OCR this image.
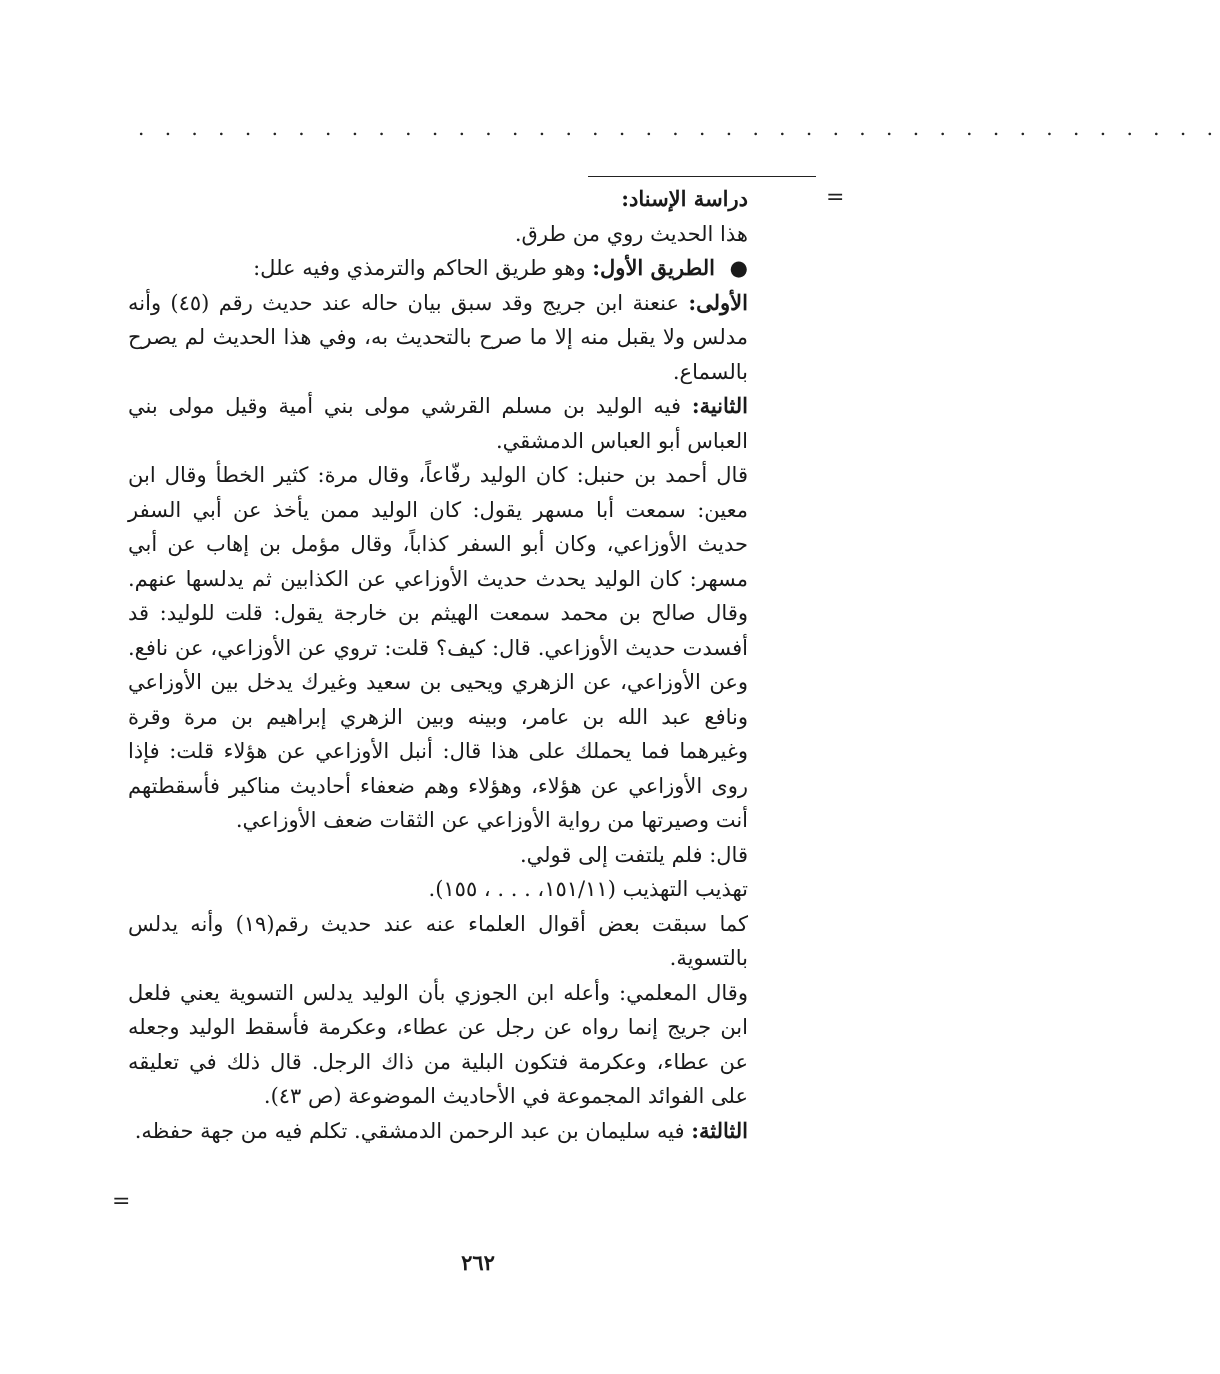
. . . . . . . . . . . . . . . . . . . . . . . . . . . . . . . . . . . . . . . . .
=
=

دراسة الإسناد:

هذا الحديث روي من طرق.

● الطريق الأول: وهو طريق الحاكم والترمذي وفيه علل:

الأولى: عنعنة ابن جريج وقد سبق بيان حاله عند حديث رقم (٤٥) وأنه مدلس ولا يقبل منه إلا ما صرح بالتحديث به، وفي هذا الحديث لم يصرح بالسماع.

الثانية: فيه الوليد بن مسلم القرشي مولى بني أمية وقيل مولى بني العباس أبو العباس الدمشقي.

قال أحمد بن حنبل: كان الوليد رفّاعاً، وقال مرة: كثير الخطأ وقال ابن معين: سمعت أبا مسهر يقول: كان الوليد ممن يأخذ عن أبي السفر حديث الأوزاعي، وكان أبو السفر كذاباً، وقال مؤمل بن إهاب عن أبي مسهر: كان الوليد يحدث حديث الأوزاعي عن الكذابين ثم يدلسها عنهم. وقال صالح بن محمد سمعت الهيثم بن خارجة يقول: قلت للوليد: قد أفسدت حديث الأوزاعي. قال: كيف؟ قلت: تروي عن الأوزاعي، عن نافع. وعن الأوزاعي، عن الزهري ويحيى بن سعيد وغيرك يدخل بين الأوزاعي ونافع عبد الله بن عامر، وبينه وبين الزهري إبراهيم بن مرة وقرة وغيرهما فما يحملك على هذا قال: أنبل الأوزاعي عن هؤلاء قلت: فإذا روى الأوزاعي عن هؤلاء، وهؤلاء وهم ضعفاء أحاديث مناكير فأسقطتهم أنت وصيرتها من رواية الأوزاعي عن الثقات ضعف الأوزاعي.

قال: فلم يلتفت إلى قولي.

تهذيب التهذيب (١٥١/١١، . . . ، ١٥٥).

كما سبقت بعض أقوال العلماء عنه عند حديث رقم(١٩) وأنه يدلس بالتسوية.

وقال المعلمي: وأعله ابن الجوزي بأن الوليد يدلس التسوية يعني فلعل ابن جريج إنما رواه عن رجل عن عطاء، وعكرمة فأسقط الوليد وجعله عن عطاء، وعكرمة فتكون البلية من ذاك الرجل. قال ذلك في تعليقه على الفوائد المجموعة في الأحاديث الموضوعة (ص ٤٣).

الثالثة: فيه سليمان بن عبد الرحمن الدمشقي. تكلم فيه من جهة حفظه.

٢٦٢
